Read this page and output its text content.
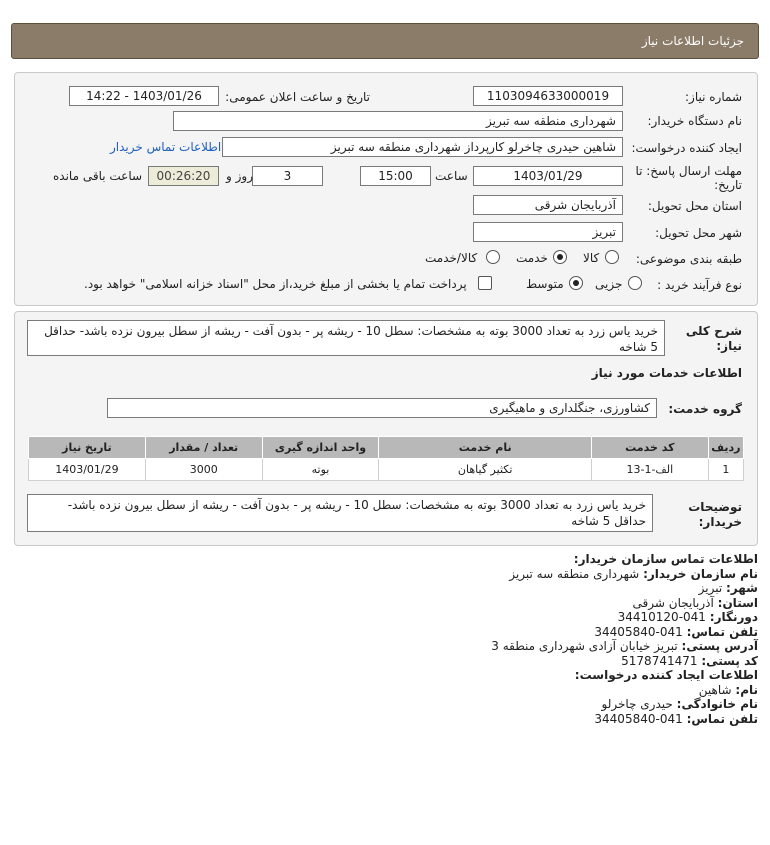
جزئیات اطلاعات نیاز
شماره نیاز:
1103094633000019
تاریخ و ساعت اعلان عمومی:
1403/01/26 - 14:22
نام دستگاه خریدار:
شهرداری منطقه سه تبریز
ایجاد کننده درخواست:
شاهین حیدری چاخرلو کارپرداز شهرداری منطقه سه تبریز
اطلاعات تماس خریدار
مهلت ارسال پاسخ: تا
تاریخ:
1403/01/29
ساعت
15:00
3
روز و
00:26:20
ساعت باقی مانده
استان محل تحویل:
آذربایجان شرقی
شهر محل تحویل:
تبریز
طبقه بندی موضوعی:
کالا
خدمت
کالا/خدمت
نوع فرآیند خرید :
جزیی
متوسط
پرداخت تمام یا بخشی از مبلغ خرید،از محل "اسناد خزانه اسلامی" خواهد بود.
شرح کلی نیاز:
خرید یاس زرد به تعداد 3000 بوته به مشخصات: سطل 10 - ریشه پر - بدون آفت - ریشه از سطل بیرون نزده باشد- حداقل 5 شاخه
اطلاعات خدمات مورد نیاز
گروه خدمت:
کشاورزی، جنگلداری و ماهیگیری
ردیف	کد خدمت	نام خدمت	واحد اندازه گیری	تعداد / مقدار	تاریخ نیاز
1	الف-1-13	تکثیر گیاهان	بوته	3000	1403/01/29
توضیحات خریدار:
خرید یاس زرد به تعداد 3000 بوته به مشخصات: سطل 10 - ریشه پر - بدون آفت - ریشه از سطل بیرون نزده باشد- حداقل 5 شاخه
اطلاعات تماس سازمان خریدار:
نام سازمان خریدار: شهرداری منطقه سه تبریز
شهر: تبریز
استان: آذربایجان شرقی
دورنگار: 041-34410120
تلفن تماس: 041-34405840
آدرس پستی: تبریز خیابان آزادی شهرداری منطقه 3
کد پستی: 5178741471
اطلاعات ایجاد کننده درخواست:
نام: شاهین
نام خانوادگی: حیدری چاخرلو
تلفن تماس: 041-34405840
